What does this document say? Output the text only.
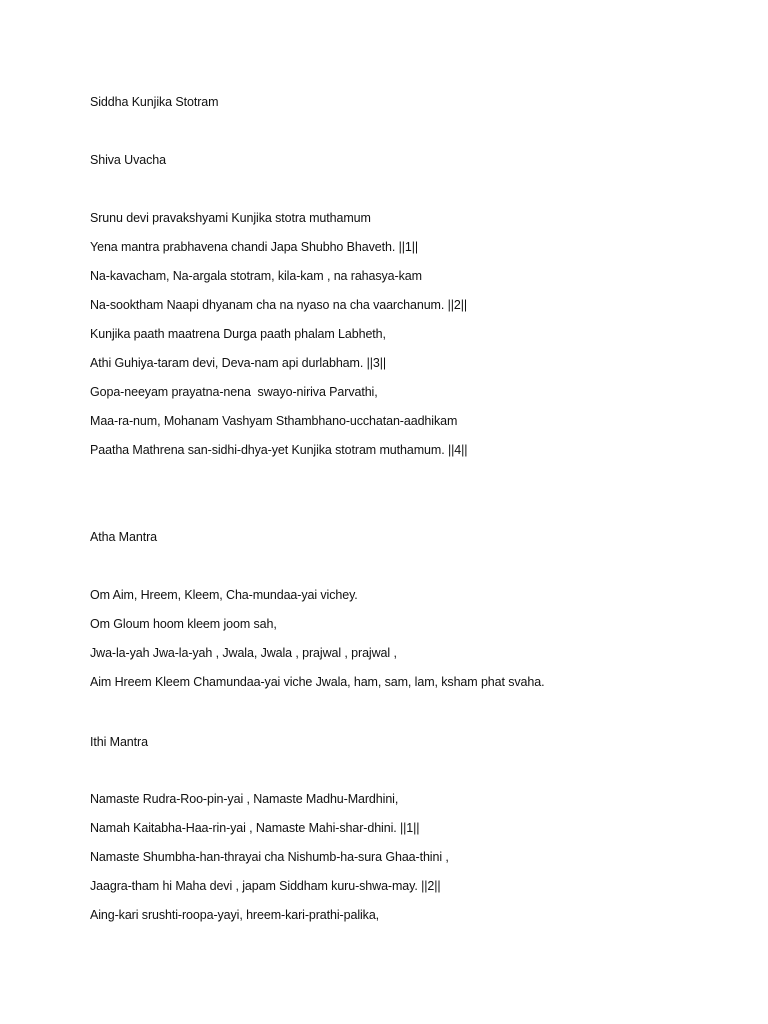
Siddha Kunjika Stotram
Shiva Uvacha
Srunu devi pravakshyami Kunjika stotra muthamum
Yena mantra prabhavena chandi Japa Shubho Bhaveth. ||1||
Na-kavacham, Na-argala stotram, kila-kam , na rahasya-kam
Na-sooktham Naapi dhyanam cha na nyaso na cha vaarchanum. ||2||
Kunjika paath maatrena Durga paath phalam Labheth,
Athi Guhiya-taram devi, Deva-nam api durlabham. ||3||
Gopa-neeyam prayatna-nena  swayo-niriva Parvathi,
Maa-ra-num, Mohanam Vashyam Sthambhano-ucchatan-aadhikam
Paatha Mathrena san-sidhi-dhya-yet Kunjika stotram muthamum. ||4||
Atha Mantra
Om Aim, Hreem, Kleem, Cha-mundaa-yai vichey.
Om Gloum hoom kleem joom sah,
Jwa-la-yah Jwa-la-yah , Jwala, Jwala , prajwal , prajwal ,
Aim Hreem Kleem Chamundaa-yai viche Jwala, ham, sam, lam, ksham phat svaha.
Ithi Mantra
Namaste Rudra-Roo-pin-yai , Namaste Madhu-Mardhini,
Namah Kaitabha-Haa-rin-yai , Namaste Mahi-shar-dhini. ||1||
Namaste Shumbha-han-thrayai cha Nishumb-ha-sura Ghaa-thini ,
Jaagra-tham hi Maha devi , japam Siddham kuru-shwa-may. ||2||
Aing-kari srushti-roopa-yayi, hreem-kari-prathi-palika,
